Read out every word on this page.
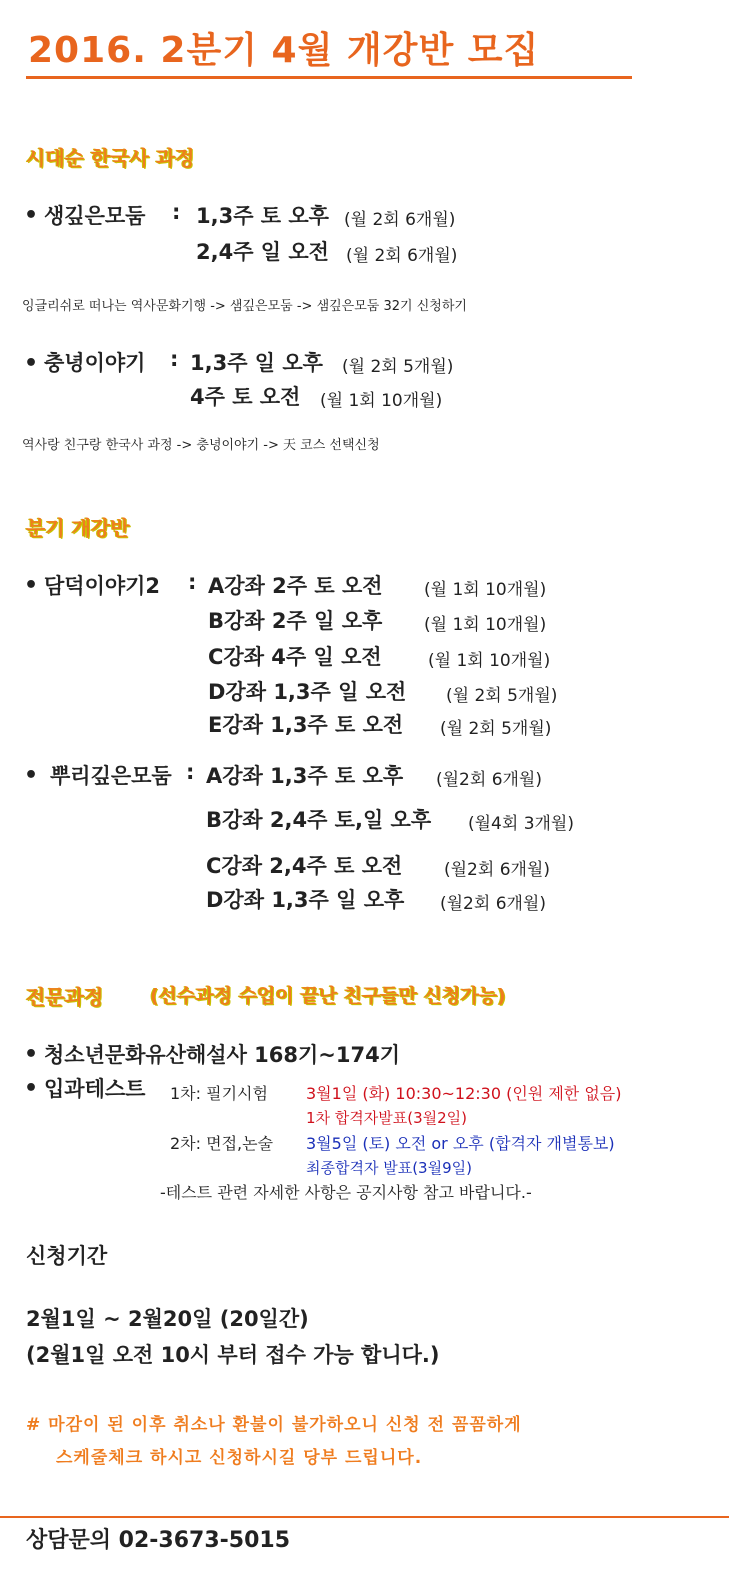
2016. 2분기 4월 개강반 모집
시대순 한국사 과정
• 생깊은모둠 : 1,3주 토 오후 (월 2회 6개월)
2,4주 일 오전 (월 2회 6개월)
잉글리쉬로 떠나는 역사문화기행 -> 샘깊은모둠 -> 샘깊은모둠 32기 신청하기
• 충녕이야기 : 1,3주 일 오후 (월 2회 5개월)
4주 토 오전 (월 1회 10개월)
역사랑 친구랑 한국사 과정 -> 충녕이야기 -> 天 코스 선택신청
분기 개강반
• 담덕이야기2 : A강좌 2주 토 오전 (월 1회 10개월)
B강좌 2주 일 오후 (월 1회 10개월)
C강좌 4주 일 오전	(월 1회 10개월)
D강좌 1,3주 일 오전 (월 2회 5개월)
E강좌 1,3주 토 오전 (월 2회 5개월)
• 뿌리깊은모둠 : A강좌 1,3주 토 오후 (월2회 6개월)
B강좌 2,4주 토,일 오후 (월4회 3개월)
C강좌 2,4주 토 오전 (월2회 6개월)
D강좌 1,3주 일 오후 (월2회 6개월)
전문과정 (선수과정 수업이 끝난 친구들만 신청가능)
• 청소년문화유산해설사 168기~174기
• 입과테스트 1차: 필기시험 3월1일 (화) 10:30~12:30 (인원 제한 없음)
1차 합격자발표(3월2일)
2차: 면접,논술 3월5일 (토) 오전 or 오후 (합격자 개별통보)
최종합격자 발표(3월9일)
-테스트 관련 자세한 사항은 공지사항 참고 바랍니다.-
신청기간
2월1일 ~ 2월20일 (20일간)
(2월1일 오전 10시 부터 접수 가능 합니다.)
# 마감이 된 이후 취소나 환불이 불가하오니 신청 전 꼼꼼하게
스케줄체크 하시고 신청하시길 당부 드립니다.
상담문의 02-3673-5015
